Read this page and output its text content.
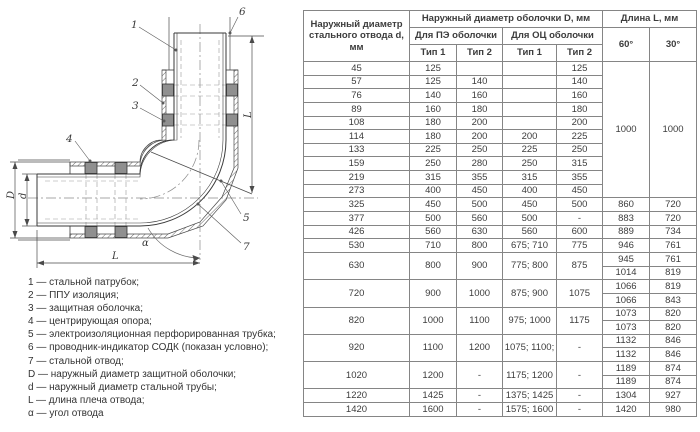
L
L
D d
α
1
6
2
3
4
5
7
1 — стальной патрубок;
2 — ППУ изоляция;
3 — защитная оболочка;
4 — центрирующая опора;
5 — электроизоляционная перфорированная трубка;
6 — проводник-индикатор СОДК (показан условно);
7 — стальной отвод;
D — наружный диаметр защитной оболочки;
d — наружный диаметр стальной трубы;
L — длина плеча отвода;
α — угол отвода
Наружный диаметр стального отвода d, мм	Наружный диаметр оболочки D, мм				Длина L, мм	
	Для ПЭ оболочки		Для ОЦ оболочки		60°	30°
	Тип 1	Тип 2	Тип 1	Тип 2		
45	125			125	1000	1000
57	125	140		140		
76	140	160		160		
89	160	180		180		
108	180	200		200		
114	180	200	200	225		
133	225	250	225	250		
159	250	280	250	315		
219	315	355	315	355		
273	400	450	400	450		
325	450	500	450	500	860	720
377	500	560	500	-	883	720
426	560	630	560	600	889	734
530	710	800	675; 710	775	946	761
630	800	900	775; 800	875	945	761
					1014	819
720	900	1000	875; 900	1075	1066	819
					1066	843
820	1000	1100	975; 1000	1175	1073	820
					1073	820
920	1100	1200	1075; 1100;	-	1132	846
					1132	846
1020	1200	-	1175; 1200	-	1189	874
					1189	874
1220	1425	-	1375; 1425	-	1304	927
1420	1600	-	1575; 1600	-	1420	980
